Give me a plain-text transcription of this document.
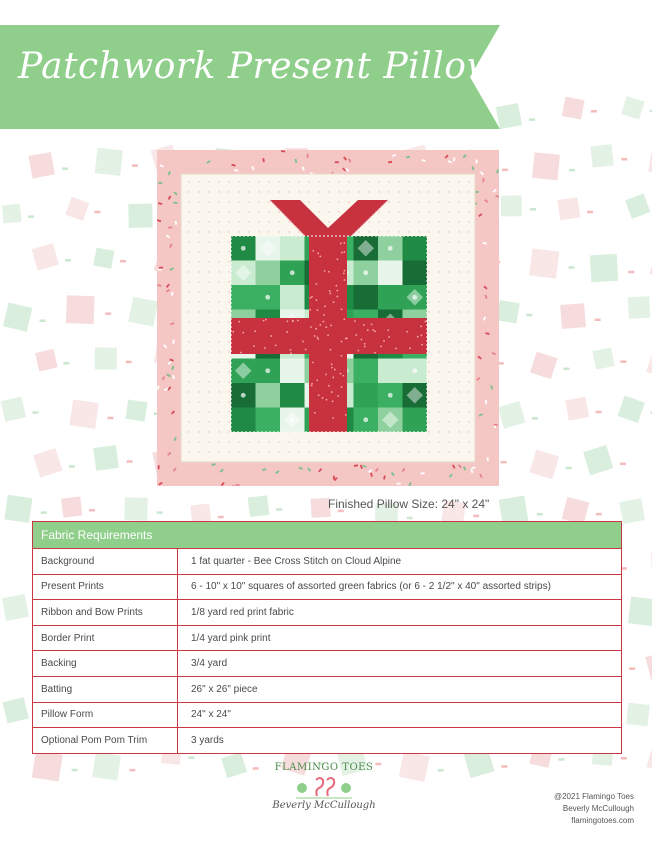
Patchwork Present Pillow
Finished Pillow Size: 24" x 24"
Fabric Requirements
Background	1 fat quarter - Bee Cross Stitch on Cloud Alpine
Present Prints	6 - 10" x 10" squares of assorted green fabrics (or 6 - 2 1/2" x 40" assorted strips)
Ribbon and Bow Prints	1/8 yard red print fabric
Border Print	1/4 yard pink print
Backing	3/4 yard
Batting	26" x 26" piece
Pillow Form	24" x 24"
Optional Pom Pom Trim	3 yards
FLAMINGO TOES
Beverly McCullough
@2021 Flamingo Toes
Beverly McCullough
flamingotoes.com
